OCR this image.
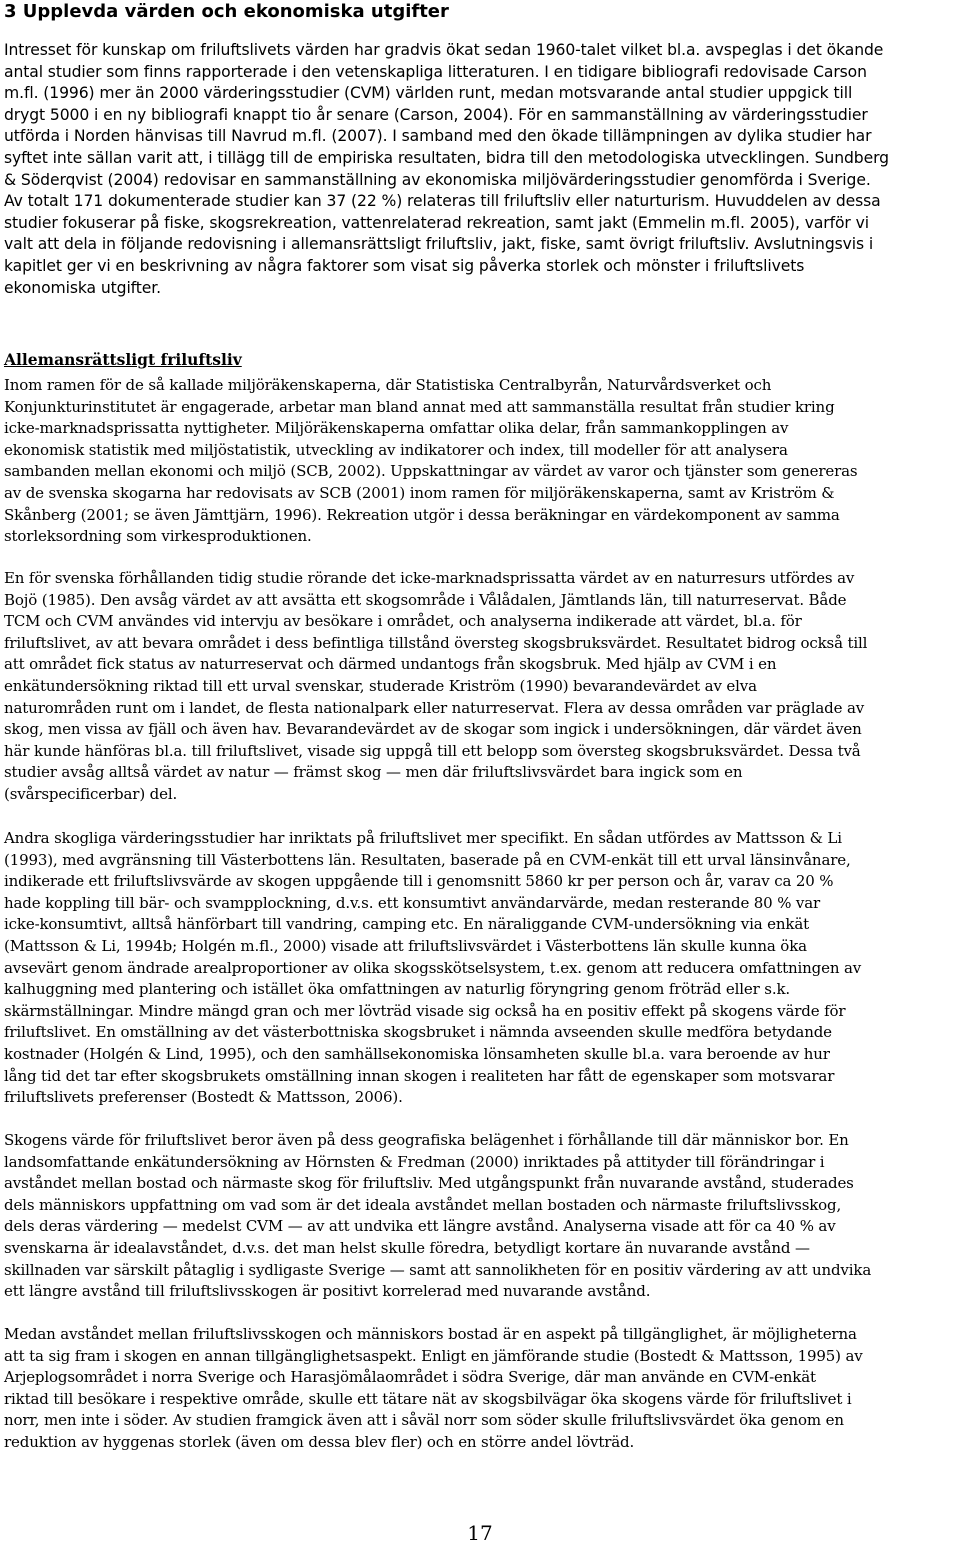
3 Upplevda värden och ekonomiska utgifter
Intresset för kunskap om friluftslivets värden har gradvis ökat sedan 1960-talet vilket bl.a. avspeglas i det ökande
antal studier som finns rapporterade i den vetenskapliga litteraturen. I en tidigare bibliografi redovisade Carson
m.fl. (1996) mer än 2000 värderingsstudier (CVM) världen runt, medan motsvarande antal studier uppgick till
drygt 5000 i en ny bibliografi knappt tio år senare (Carson, 2004). För en sammanställning av värderingsstudier
utförda i Norden hänvisas till Navrud m.fl. (2007). I samband med den ökade tillämpningen av dylika studier har
syftet inte sällan varit att, i tillägg till de empiriska resultaten, bidra till den metodologiska utvecklingen. Sundberg
& Söderqvist (2004) redovisar en sammanställning av ekonomiska miljövärderingsstudier genomförda i Sverige.
Av totalt 171 dokumenterade studier kan 37 (22 %) relateras till friluftsliv eller naturturism. Huvuddelen av dessa
studier fokuserar på fiske, skogsrekreation, vattenrelaterad rekreation, samt jakt (Emmelin m.fl. 2005), varför vi
valt att dela in följande redovisning i allemansrättsligt friluftsliv, jakt, fiske, samt övrigt friluftsliv. Avslutningsvis i
kapitlet ger vi en beskrivning av några faktorer som visat sig påverka storlek och mönster i friluftslivets
ekonomiska utgifter.
Allemansrättsligt friluftsliv
Inom ramen för de så kallade miljöräkenskaperna, där Statistiska Centralbyrån, Naturvårdsverket och
Konjunkturinstitutet är engagerade, arbetar man bland annat med att sammanställa resultat från studier kring
icke-marknadsprissatta nyttigheter. Miljöräkenskaperna omfattar olika delar, från sammankopplingen av
ekonomisk statistik med miljöstatistik, utveckling av indikatorer och index, till modeller för att analysera
sambanden mellan ekonomi och miljö (SCB, 2002). Uppskattningar av värdet av varor och tjänster som genereras
av de svenska skogarna har redovisats av SCB (2001) inom ramen för miljöräkenskaperna, samt av Kriström &
Skånberg (2001; se även Jämttjärn, 1996). Rekreation utgör i dessa beräkningar en värdekomponent av samma
storleksordning som virkesproduktionen.
En för svenska förhållanden tidig studie rörande det icke-marknadsprissatta värdet av en naturresurs utfördes av
Bojö (1985). Den avsåg värdet av att avsätta ett skogsområde i Vålådalen, Jämtlands län, till naturreservat. Både
TCM och CVM användes vid intervju av besökare i området, och analyserna indikerade att värdet, bl.a. för
friluftslivet, av att bevara området i dess befintliga tillstånd översteg skogsbruksvärdet. Resultatet bidrog också till
att området fick status av naturreservat och därmed undantogs från skogsbruk. Med hjälp av CVM i en
enkätundersökning riktad till ett urval svenskar, studerade Kriström (1990) bevarandevärdet av elva
naturområden runt om i landet, de flesta nationalpark eller naturreservat. Flera av dessa områden var präglade av
skog, men vissa av fjäll och även hav. Bevarandevärdet av de skogar som ingick i undersökningen, där värdet även
här kunde hänföras bl.a. till friluftslivet, visade sig uppgå till ett belopp som översteg skogsbruksvärdet. Dessa två
studier avsåg alltså värdet av natur — främst skog — men där friluftslivsvärdet bara ingick som en
(svårspecificerbar) del.
Andra skogliga värderingsstudier har inriktats på friluftslivet mer specifikt. En sådan utfördes av Mattsson & Li
(1993), med avgränsning till Västerbottens län. Resultaten, baserade på en CVM-enkät till ett urval länsinvånare,
indikerade ett friluftslivsvärde av skogen uppgående till i genomsnitt 5860 kr per person och år, varav ca 20 %
hade koppling till bär- och svampplockning, d.v.s. ett konsumtivt användarvärde, medan resterande 80 % var
icke-konsumtivt, alltså hänförbart till vandring, camping etc. En näraliggande CVM-undersökning via enkät
(Mattsson & Li, 1994b; Holgén m.fl., 2000) visade att friluftslivsvärdet i Västerbottens län skulle kunna öka
avsevärt genom ändrade arealproportioner av olika skogsskötselsystem, t.ex. genom att reducera omfattningen av
kalhuggning med plantering och istället öka omfattningen av naturlig föryngring genom fröträd eller s.k.
skärmställningar. Mindre mängd gran och mer lövträd visade sig också ha en positiv effekt på skogens värde för
friluftslivet. En omställning av det västerbottniska skogsbruket i nämnda avseenden skulle medföra betydande
kostnader (Holgén & Lind, 1995), och den samhällsekonomiska lönsamheten skulle bl.a. vara beroende av hur
lång tid det tar efter skogsbrukets omställning innan skogen i realiteten har fått de egenskaper som motsvarar
friluftslivets preferenser (Bostedt & Mattsson, 2006).
Skogens värde för friluftslivet beror även på dess geografiska belägenhet i förhållande till där människor bor. En
landsomfattande enkätundersökning av Hörnsten & Fredman (2000) inriktades på attityder till förändringar i
avståndet mellan bostad och närmaste skog för friluftsliv. Med utgångspunkt från nuvarande avstånd, studerades
dels människors uppfattning om vad som är det ideala avståndet mellan bostaden och närmaste friluftslivsskog,
dels deras värdering — medelst CVM — av att undvika ett längre avstånd. Analyserna visade att för ca 40 % av
svenskarna är idealavståndet, d.v.s. det man helst skulle föredra, betydligt kortare än nuvarande avstånd —
skillnaden var särskilt påtaglig i sydligaste Sverige — samt att sannolikheten för en positiv värdering av att undvika
ett längre avstånd till friluftslivsskogen är positivt korrelerad med nuvarande avstånd.
Medan avståndet mellan friluftslivsskogen och människors bostad är en aspekt på tillgänglighet, är möjligheterna
att ta sig fram i skogen en annan tillgänglighetsaspekt. Enligt en jämförande studie (Bostedt & Mattsson, 1995) av
Arjeplogsområdet i norra Sverige och Harasjömålaområdet i södra Sverige, där man använde en CVM-enkät
riktad till besökare i respektive område, skulle ett tätare nät av skogsbilvägar öka skogens värde för friluftslivet i
norr, men inte i söder. Av studien framgick även att i såväl norr som söder skulle friluftslivsvärdet öka genom en
reduktion av hyggenas storlek (även om dessa blev fler) och en större andel lövträd.
17
